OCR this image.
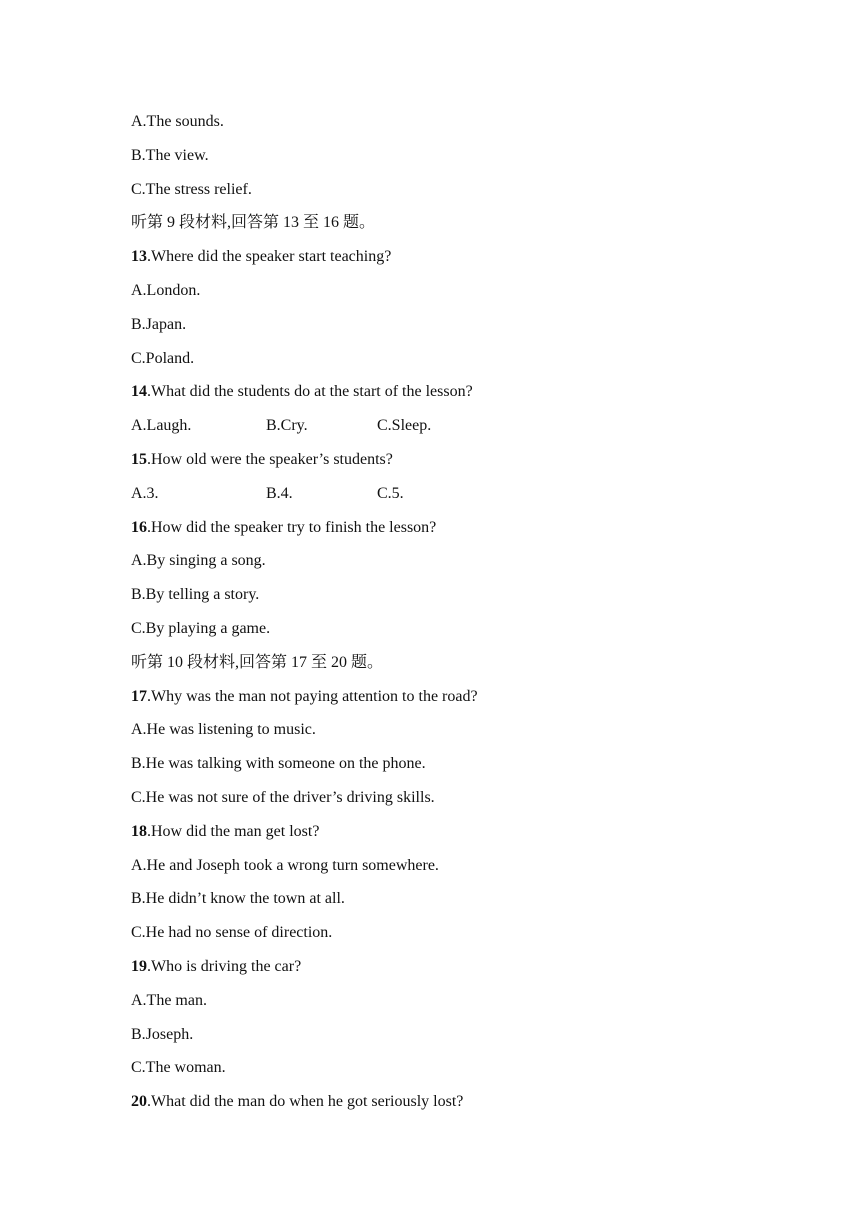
A.The sounds.
B.The view.
C.The stress relief.
听第 9 段材料,回答第 13 至 16 题。
13.Where did the speaker start teaching?
A.London.
B.Japan.
C.Poland.
14.What did the students do at the start of the lesson?
A.Laugh.	B.Cry.	C.Sleep.
15.How old were the speaker’s students?
A.3.	B.4.	C.5.
16.How did the speaker try to finish the lesson?
A.By singing a song.
B.By telling a story.
C.By playing a game.
听第 10 段材料,回答第 17 至 20 题。
17.Why was the man not paying attention to the road?
A.He was listening to music.
B.He was talking with someone on the phone.
C.He was not sure of the driver’s driving skills.
18.How did the man get lost?
A.He and Joseph took a wrong turn somewhere.
B.He didn’t know the town at all.
C.He had no sense of direction.
19.Who is driving the car?
A.The man.
B.Joseph.
C.The woman.
20.What did the man do when he got seriously lost?
